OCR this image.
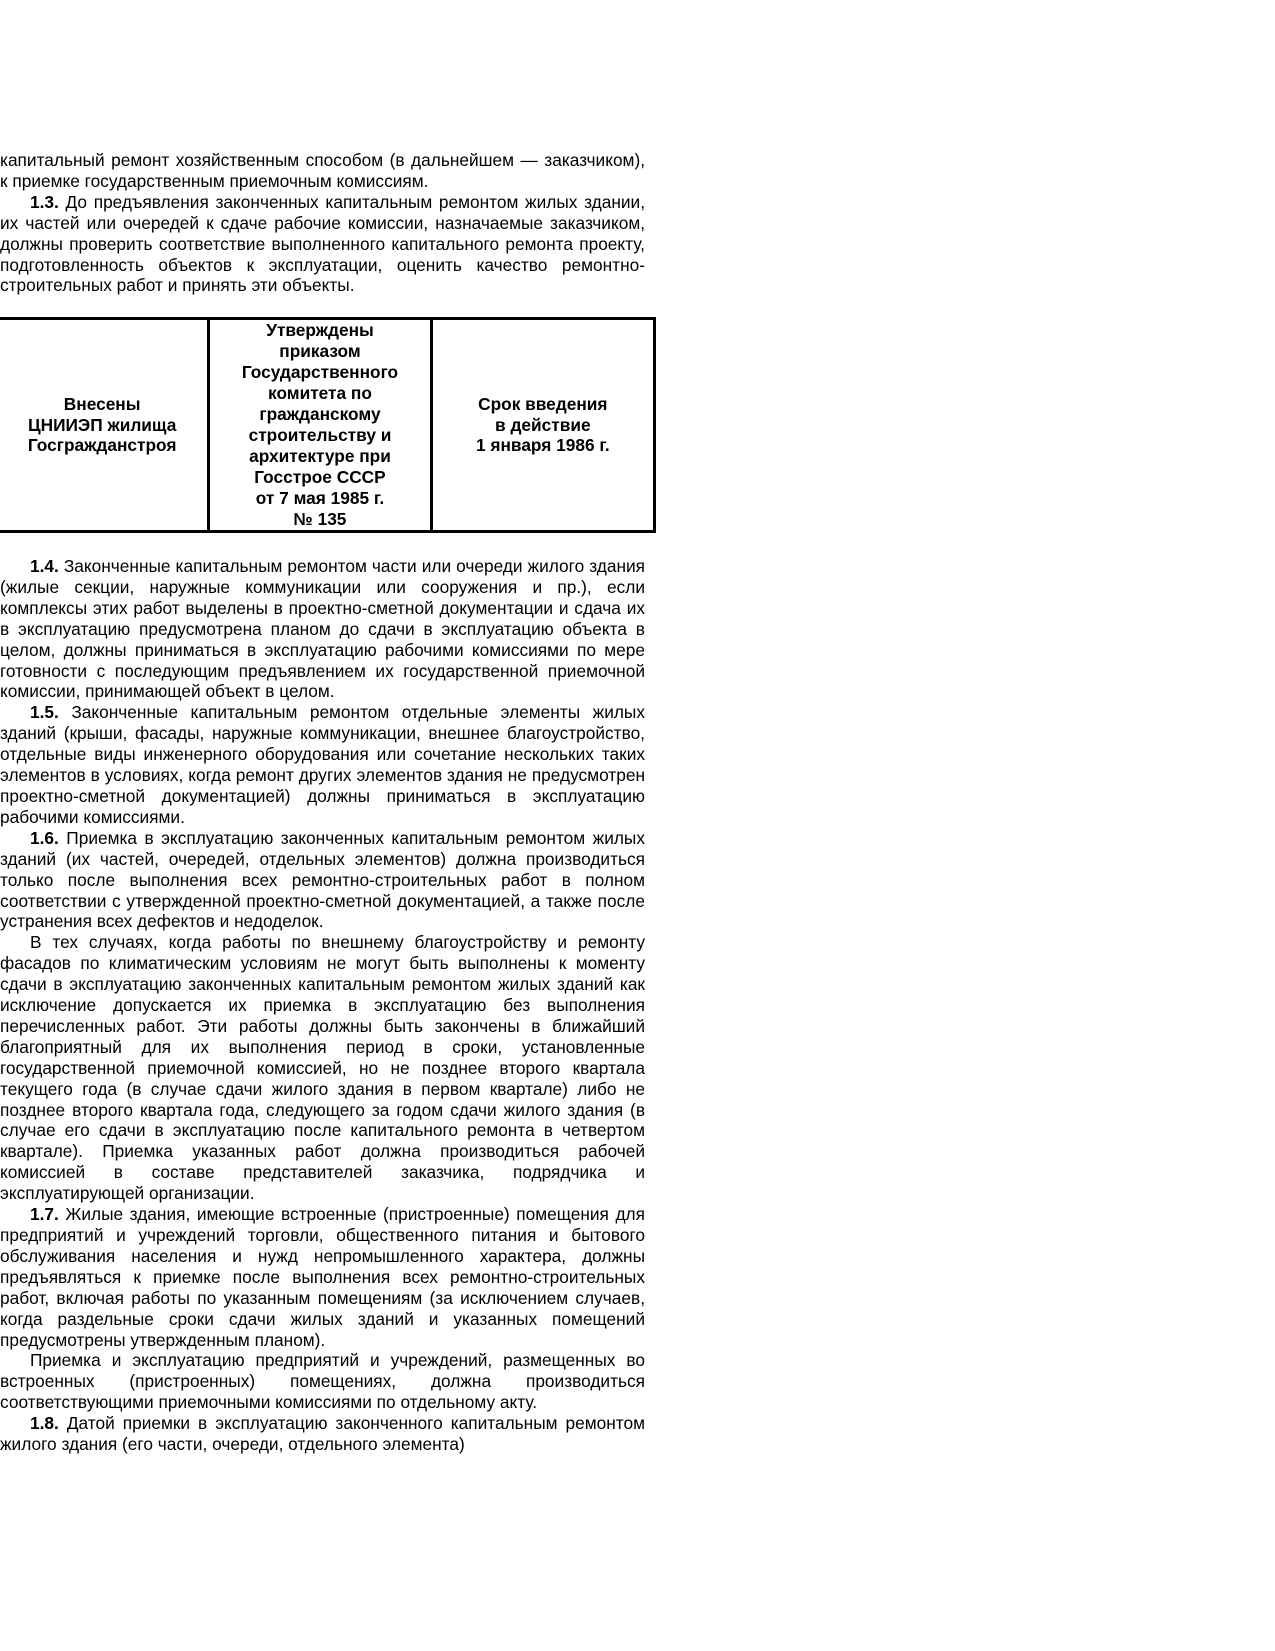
капитальный ремонт хозяйственным способом (в дальнейшем — заказчиком), к приемке государственным приемочным комиссиям.

1.3. До предъявления законченных капитальным ремонтом жилых здании, их частей или очередей к сдаче рабочие комиссии, назначаемые заказчиком, должны проверить соответствие выполненного капитального ремонта проекту, подготовленность объектов к эксплуатации, оценить качество ремонтно-строительных работ и принять эти объекты.

Внесены
ЦНИИЭП жилища
Госгражданстроя	Утверждены
приказом
Государственного
комитета по
гражданскому
строительству и
архитектуре при
Госстрое СССР
от 7 мая 1985 г.
№ 135	Срок введения
в действие
1 января 1986 г.

1.4. Законченные капитальным ремонтом части или очереди жилого здания (жилые секции, наружные коммуникации или сооружения и пр.), если комплексы этих работ выделены в проектно-сметной документации и сдача их в эксплуатацию предусмотрена планом до сдачи в эксплуатацию объекта в целом, должны приниматься в эксплуатацию рабочими комиссиями по мере готовности с последующим предъявлением их государственной приемочной комиссии, принимающей объект в целом.

1.5. Законченные капитальным ремонтом отдельные элементы жилых зданий (крыши, фасады, наружные коммуникации, внешнее благоустройство, отдельные виды инженерного оборудования или сочетание нескольких таких элементов в условиях, когда ремонт других элементов здания не предусмотрен проектно-сметной документацией) должны приниматься в эксплуатацию рабочими комиссиями.

1.6. Приемка в эксплуатацию законченных капитальным ремонтом жилых зданий (их частей, очередей, отдельных элементов) должна производиться только после выполнения всех ремонтно-строительных работ в полном соответствии с утвержденной проектно-сметной документацией, а также после устранения всех дефектов и недоделок.

В тех случаях, когда работы по внешнему благоустройству и ремонту фасадов по климатическим условиям не могут быть выполнены к моменту сдачи в эксплуатацию законченных капитальным ремонтом жилых зданий как исключение допускается их приемка в эксплуатацию без выполнения перечисленных работ. Эти работы должны быть закончены в ближайший благоприятный для их выполнения период в сроки, установленные государственной приемочной комиссией, но не позднее второго квартала текущего года (в случае сдачи жилого здания в первом квартале) либо не позднее второго квартала года, следующего за годом сдачи жилого здания (в случае его сдачи в эксплуатацию после капитального ремонта в четвертом квартале). Приемка указанных работ должна производиться рабочей комиссией в составе представителей заказчика, подрядчика и эксплуатирующей организации.

1.7. Жилые здания, имеющие встроенные (пристроенные) помещения для предприятий и учреждений торговли, общественного питания и бытового обслуживания населения и нужд непромышленного характера, должны предъявляться к приемке после выполнения всех ремонтно-строительных работ, включая работы по указанным помещениям (за исключением случаев, когда раздельные сроки сдачи жилых зданий и указанных помещений предусмотрены утвержденным планом).

Приемка и эксплуатацию предприятий и учреждений, размещенных во встроенных (пристроенных) помещениях, должна производиться соответствующими приемочными комиссиями по отдельному акту.

1.8. Датой приемки в эксплуатацию законченного капитальным ремонтом жилого здания (его части, очереди, отдельного элемента)
